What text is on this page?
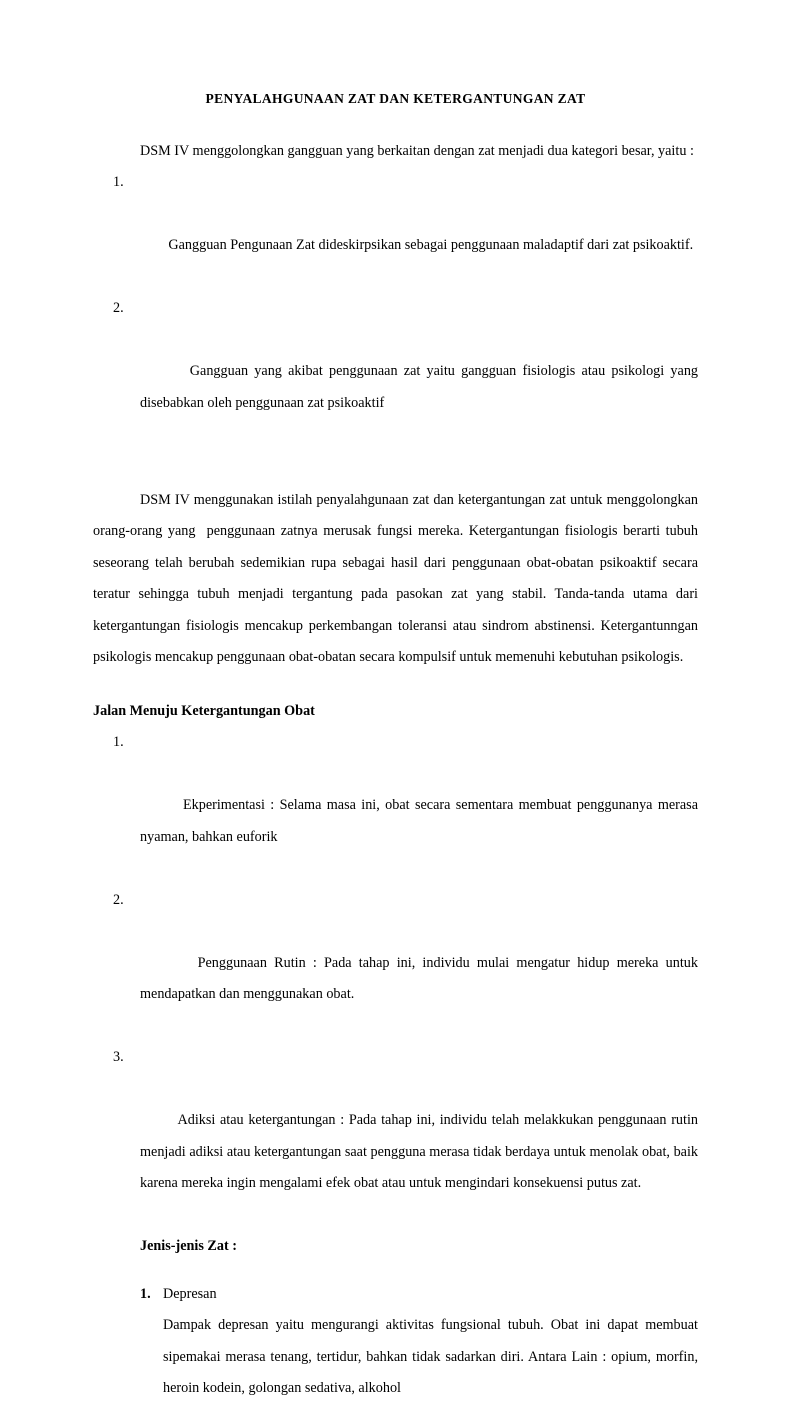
PENYALAHGUNAAN ZAT DAN KETERGANTUNGAN ZAT

DSM IV menggolongkan gangguan yang berkaitan dengan zat menjadi dua kategori besar, yaitu :

1.

Gangguan Pengunaan Zat dideskirpsikan sebagai penggunaan maladaptif dari zat psikoaktif.

2.

Gangguan yang akibat penggunaan zat yaitu gangguan fisiologis atau psikologi yang disebabkan oleh penggunaan zat psikoaktif

DSM IV menggunakan istilah penyalahgunaan zat dan ketergantungan zat untuk menggolongkan orang-orang yang  penggunaan zatnya merusak fungsi mereka. Ketergantungan fisiologis berarti tubuh seseorang telah berubah sedemikian rupa sebagai hasil dari penggunaan obat-obatan psikoaktif secara teratur sehingga tubuh menjadi tergantung pada pasokan zat yang stabil. Tanda-tanda utama dari ketergantungan fisiologis mencakup perkembangan toleransi atau sindrom abstinensi. Ketergantunngan psikologis mencakup penggunaan obat-obatan secara kompulsif untuk memenuhi kebutuhan psikologis.

Jalan Menuju Ketergantungan Obat

1.

Ekperimentasi : Selama masa ini, obat secara sementara membuat penggunanya merasa nyaman, bahkan euforik

2.

Penggunaan Rutin : Pada tahap ini, individu mulai mengatur hidup mereka untuk mendapatkan dan menggunakan obat.

3.

Adiksi atau ketergantungan : Pada tahap ini, individu telah melakkukan penggunaan rutin menjadi adiksi atau ketergantungan saat pengguna merasa tidak berdaya untuk menolak obat, baik karena mereka ingin mengalami efek obat atau untuk mengindari konsekuensi putus zat.

Jenis-jenis Zat :
1. Depresan
Dampak depresan yaitu mengurangi aktivitas fungsional tubuh. Obat ini dapat membuat sipemakai merasa tenang, tertidur, bahkan tidak sadarkan diri. Antara Lain : opium, morfin, heroin kodein, golongan sedativa, alkohol
